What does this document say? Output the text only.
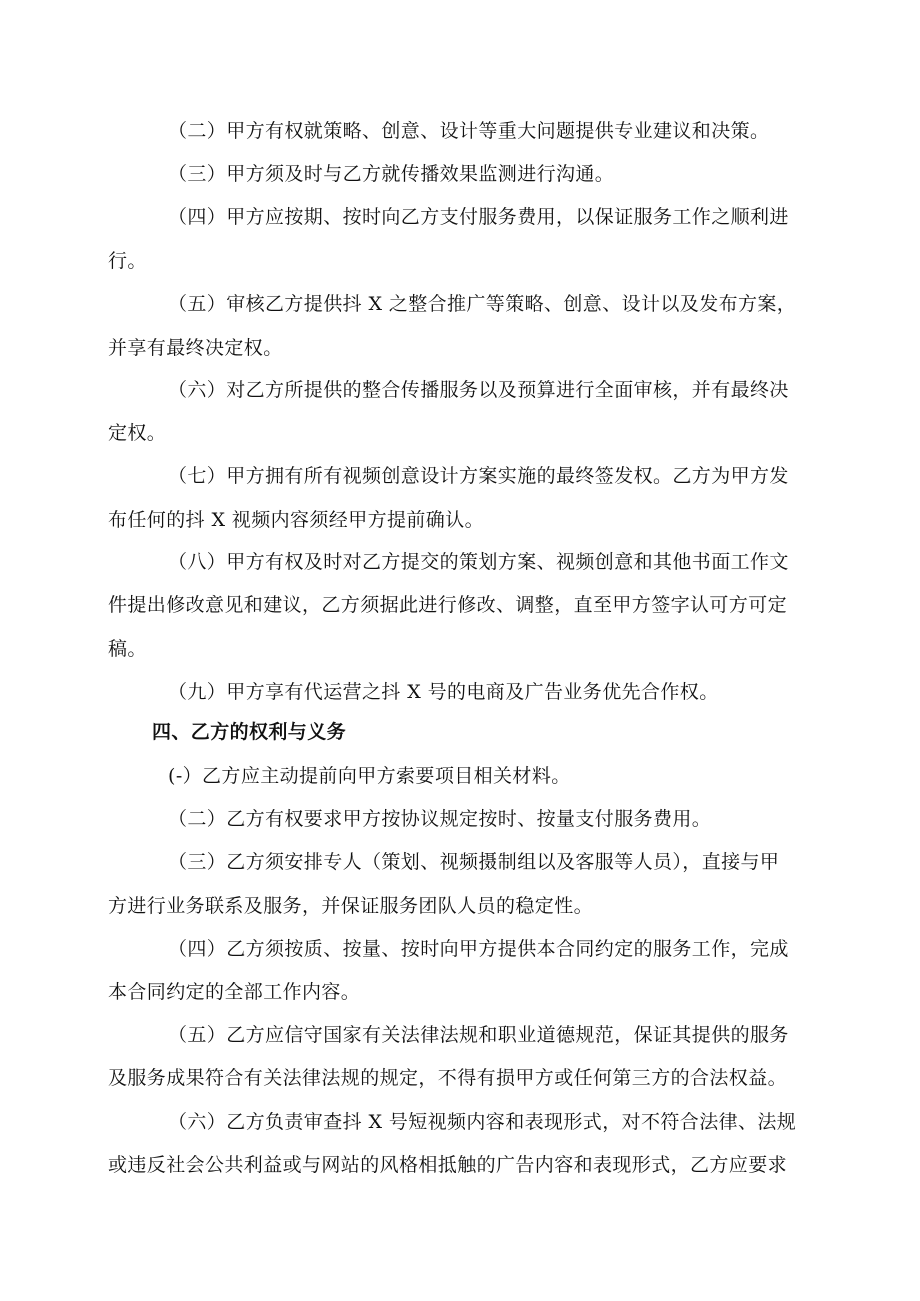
（二）甲方有权就策略、创意、设计等重大问题提供专业建议和决策。
（三）甲方须及时与乙方就传播效果监测进行沟通。
（四）甲方应按期、按时向乙方支付服务费用，以保证服务工作之顺利进
行。
（五）审核乙方提供抖 X 之整合推广等策略、创意、设计以及发布方案，
并享有最终决定权。
（六）对乙方所提供的整合传播服务以及预算进行全面审核，并有最终决
定权。
（七）甲方拥有所有视频创意设计方案实施的最终签发权。乙方为甲方发
布任何的抖 X 视频内容须经甲方提前确认。
（八）甲方有权及时对乙方提交的策划方案、视频创意和其他书面工作文
件提出修改意见和建议，乙方须据此进行修改、调整，直至甲方签字认可方可定
稿。
（九）甲方享有代运营之抖 X 号的电商及广告业务优先合作权。
四、乙方的权利与义务
(-）乙方应主动提前向甲方索要项目相关材料。
（二）乙方有权要求甲方按协议规定按时、按量支付服务费用。
（三）乙方须安排专人（策划、视频摄制组以及客服等人员），直接与甲
方进行业务联系及服务，并保证服务团队人员的稳定性。
（四）乙方须按质、按量、按时向甲方提供本合同约定的服务工作，完成
本合同约定的全部工作内容。
（五）乙方应信守国家有关法律法规和职业道德规范，保证其提供的服务
及服务成果符合有关法律法规的规定，不得有损甲方或任何第三方的合法权益。
（六）乙方负责审查抖 X 号短视频内容和表现形式，对不符合法律、法规
或违反社会公共利益或与网站的风格相抵触的广告内容和表现形式，乙方应要求
